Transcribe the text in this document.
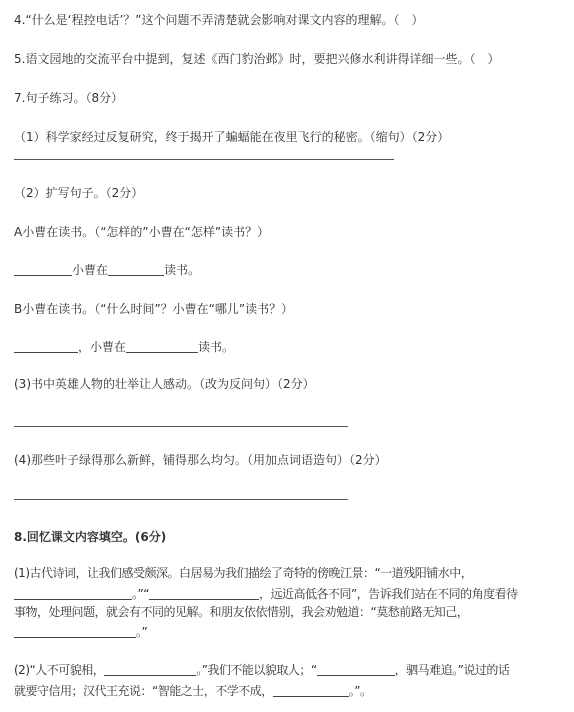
4.“什么是‘程控电话’？”这个问题不弄清楚就会影响对课文内容的理解。（　）
5.语文园地的交流平台中提到，复述《西门豹治邺》时，要把兴修水利讲得详细一些。（　）
7.句子练习。（8分）
（1）科学家经过反复研究，终于揭开了蝙蝠能在夜里飞行的秘密。（缩句）（2分）
（2）扩写句子。（2分）
A小曹在读书。（“怎样的”小曹在“怎样”读书？）
小曹在	读书。
B小曹在读书。（“什么时间”？小曹在“哪儿”读书？）
，小曹在	读书。
(3)书中英雄人物的壮举让人感动。（改为反问句）（2分）
(4)那些叶子绿得那么新鲜，铺得那么均匀。（用加点词语造句）（2分）
8.回忆课文内容填空。(6分)
(1)古代诗词，让我们感受颇深。白居易为我们描绘了奇特的傍晚江景：“一道残阳铺水中，
。”“	，远近高低各不同”，告诉我们站在不同的角度看待
事物，处理问题，就会有不同的见解。和朋友依依惜别，我会劝勉道：“莫愁前路无知己，
。”
(2)“人不可貌相，	。”我们不能以貌取人；“	，驷马难追。”说过的话
就要守信用；汉代王充说：“智能之士，不学不成，	。”。
